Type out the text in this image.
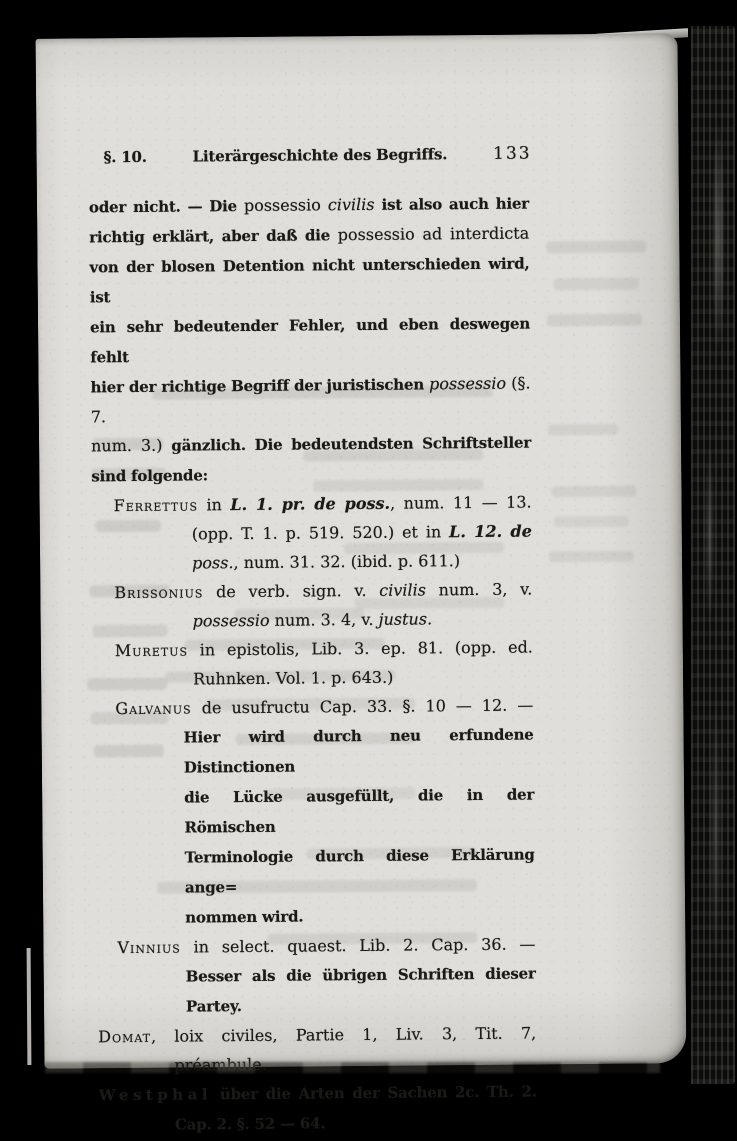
§. 10.	Literärgeschichte des Begriffs.	133
oder nicht. — Die possessio civilis ist also auch hier
richtig erklärt, aber daß die possessio ad interdicta
von der blosen Detention nicht unterschieden wird, ist
ein sehr bedeutender Fehler, und eben deswegen fehlt
hier der richtige Begriff der juristischen possessio (§. 7.
num. 3.) gänzlich. Die bedeutendsten Schriftsteller
sind folgende:
Ferrettus in L. 1. pr. de poss., num. 11 — 13.
(opp. T. 1. p. 519. 520.) et in L. 12. de
poss., num. 31. 32. (ibid. p. 611.)
Brissonius de verb. sign. v. civilis num. 3, v.
possessio num. 3. 4, v. justus.
Muretus in epistolis, Lib. 3. ep. 81. (opp. ed.
Ruhnken. Vol. 1. p. 643.)
Galvanus de usufructu Cap. 33. §. 10 — 12. —
Hier wird durch neu erfundene Distinctionen
die Lücke ausgefüllt, die in der Römischen
Terminologie durch diese Erklärung ange=
nommen wird.
Vinnius in select. quaest. Lib. 2. Cap. 36. —
Besser als die übrigen Schriften dieser
Partey.
Domat, loix civiles, Partie 1, Liv. 3, Tit. 7,
Westphal über die Arten der Sachen 2c. Th. 2.
Cap. 2. §. 52 — 64.
